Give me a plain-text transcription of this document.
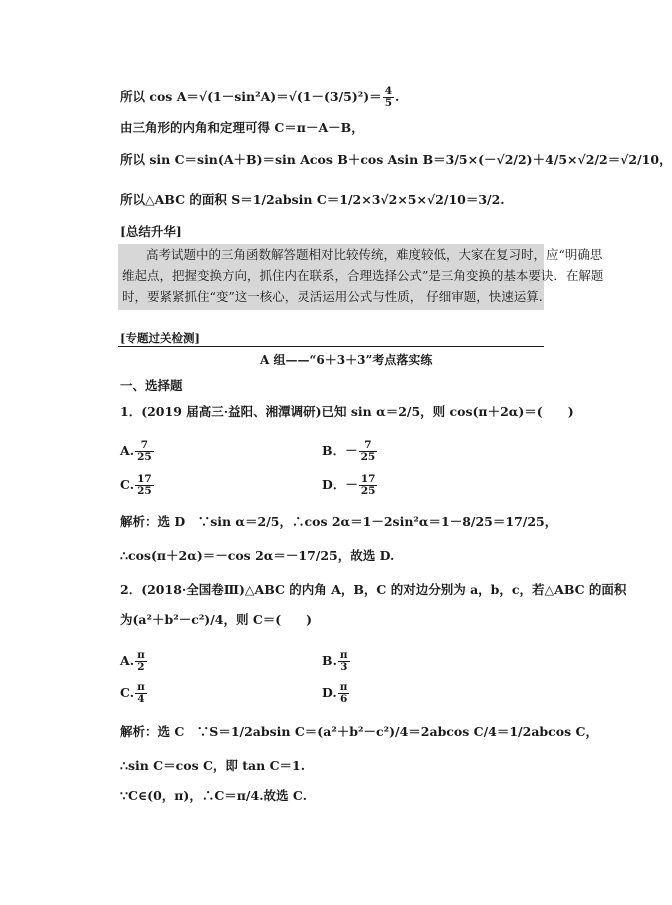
所以 $\cos A=√(1-\sin^2A)=√(1-(3/5)^2)= \frac{4}{5}$ .
由三角形的内角和定理可得 C＝π－A－B，
所以 sin C＝sin(A＋B)＝sin Acos B＋cos Asin B＝3/5×(－√2/2)＋4/5×√2/2＝√2/10，
所以△ABC 的面积 S＝1/2absin C＝1/2×3√2×5×√2/10＝3/2.
[总结升华]
高考试题中的三角函数解答题相对比较传统，难度较低，大家在复习时，应“明确思
维起点，把握变换方向，抓住内在联系，合理选择公式”是三角变换的基本要诀．在解题
时，要紧紧抓住“变”这一核心，灵活运用公式与性质， 仔细审题，快速运算.
[专题过关检测]
A 组——“6＋3＋3”考点落实练
一、选择题
1．(2019 届高三·益阳、湘潭调研)已知 sin α＝2/5，则 cos(π＋2α)＝(　　)
A. $\frac{7}{25}$	B．－ $\frac{7}{25}$
C. $\frac{17}{25}$	D．－ $\frac{17}{25}$
解析：选 D　∵sin α＝2/5，∴cos 2α＝1－2sin²α＝1－8/25＝17/25，
∴cos(π＋2α)＝－cos 2α＝－17/25，故选 D.
2．(2018·全国卷Ⅲ)△ABC 的内角 A，B，C 的对边分别为 a，b，c，若△ABC 的面积
为(a²＋b²－c²)/4，则 C＝(　　)
A. $\frac{\pi}{2}$	B. $\frac{\pi}{3}$
C. $\frac{\pi}{4}$	D. $\frac{\pi}{6}$
解析：选 C　∵S＝1/2absin C＝(a²＋b²－c²)/4＝2abcos C/4＝1/2abcos C，
∴sin C＝cos C，即 tan C＝1.
∵C∈(0，π)，∴C＝π/4.故选 C.
